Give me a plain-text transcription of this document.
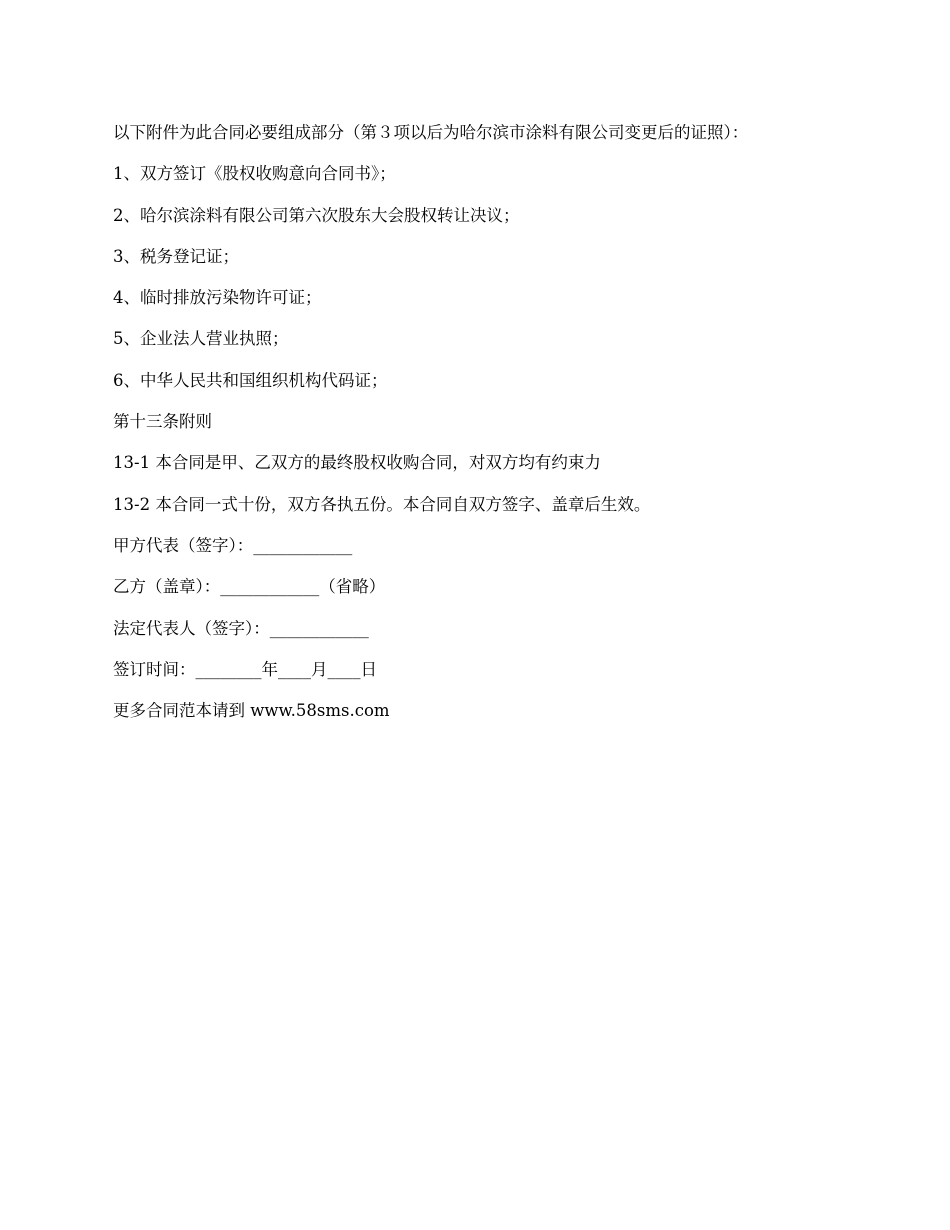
以下附件为此合同必要组成部分（第３项以后为哈尔滨市涂料有限公司变更后的证照）：

1、双方签订《股权收购意向合同书》；

2、哈尔滨涂料有限公司第六次股东大会股权转让决议；

3、税务登记证；

4、临时排放污染物许可证；

5、企业法人营业执照；

6、中华人民共和国组织机构代码证；

第十三条附则

13-1 本合同是甲、乙双方的最终股权收购合同，对双方均有约束力

13-2 本合同一式十份，双方各执五份。本合同自双方签字、盖章后生效。

甲方代表（签字）：____________

乙方（盖章）：____________（省略）

法定代表人（签字）：____________

签订时间：________年____月____日

更多合同范本请到 www.58sms.com
